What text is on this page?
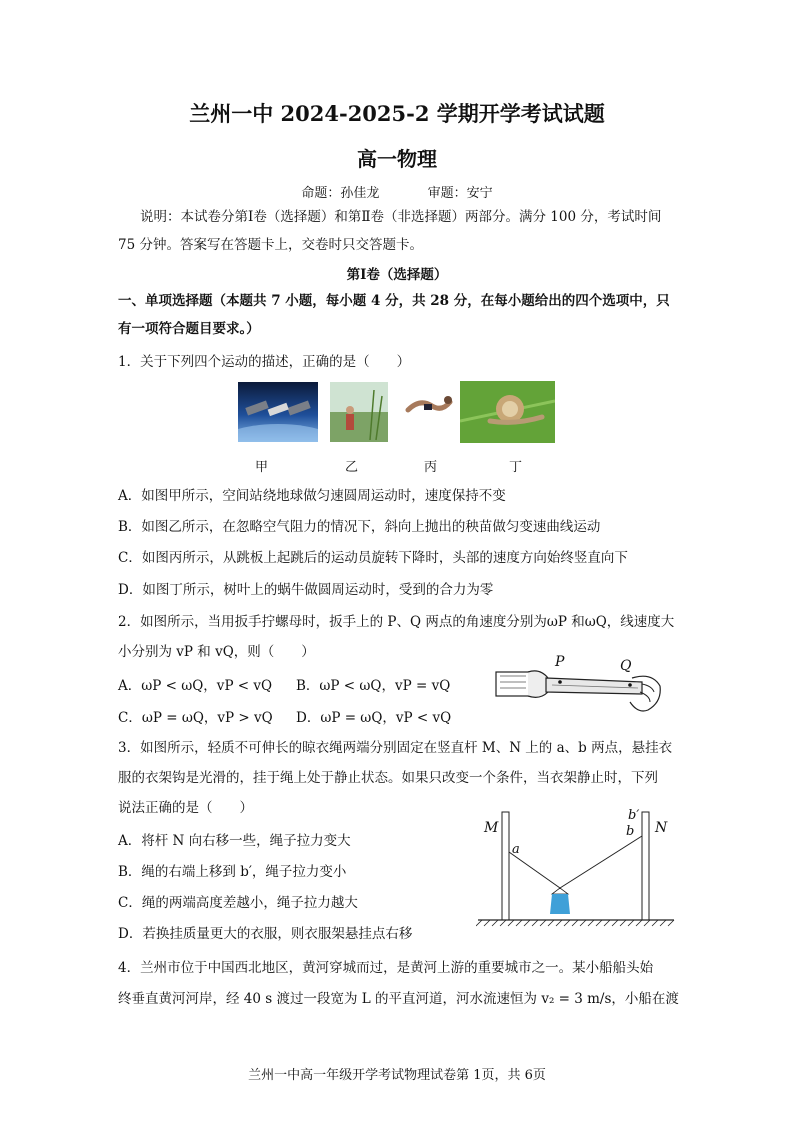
兰州一中 2024-2025-2 学期开学考试试题
高一物理
命题：孙佳龙	审题：安宁
说明：本试卷分第Ⅰ卷（选择题）和第Ⅱ卷（非选择题）两部分。满分 100 分，考试时间
75 分钟。答案写在答题卡上，交卷时只交答题卡。
第Ⅰ卷（选择题）
一、单项选择题（本题共 7 小题，每小题 4 分，共 28 分，在每小题给出的四个选项中，只
有一项符合题目要求。）
1．关于下列四个运动的描述，正确的是（　　）
甲	乙	丙	丁
A．如图甲所示，空间站绕地球做匀速圆周运动时，速度保持不变
B．如图乙所示，在忽略空气阻力的情况下，斜向上抛出的秧苗做匀变速曲线运动
C．如图丙所示，从跳板上起跳后的运动员旋转下降时，头部的速度方向始终竖直向下
D．如图丁所示，树叶上的蜗牛做圆周运动时，受到的合力为零
2．如图所示，当用扳手拧螺母时，扳手上的 P、Q 两点的角速度分别为ωP 和ωQ，线速度大
小分别为 vP 和 vQ，则（　　）
A．ωP < ωQ，vP < vQ B．ωP < ωQ，vP = vQ
C．ωP = ωQ，vP > vQ D．ωP = ωQ，vP < vQ
P	Q
3．如图所示，轻质不可伸长的晾衣绳两端分别固定在竖直杆 M、N 上的 a、b 两点，悬挂衣
服的衣架钩是光滑的，挂于绳上处于静止状态。如果只改变一个条件，当衣架静止时，下列
说法正确的是（　　）
A．将杆 N 向右移一些，绳子拉力变大
B．绳的右端上移到 b′，绳子拉力变小
C．绳的两端高度差越小，绳子拉力越大
D．若换挂质量更大的衣服，则衣服架悬挂点右移
M	N
a
b
b′
4．兰州市位于中国西北地区，黄河穿城而过，是黄河上游的重要城市之一。某小船船头始
终垂直黄河河岸，经 40 s 渡过一段宽为 L 的平直河道，河水流速恒为 v₂ = 3 m/s，小船在渡
兰州一中高一年级开学考试物理试卷第 1页，共 6页
